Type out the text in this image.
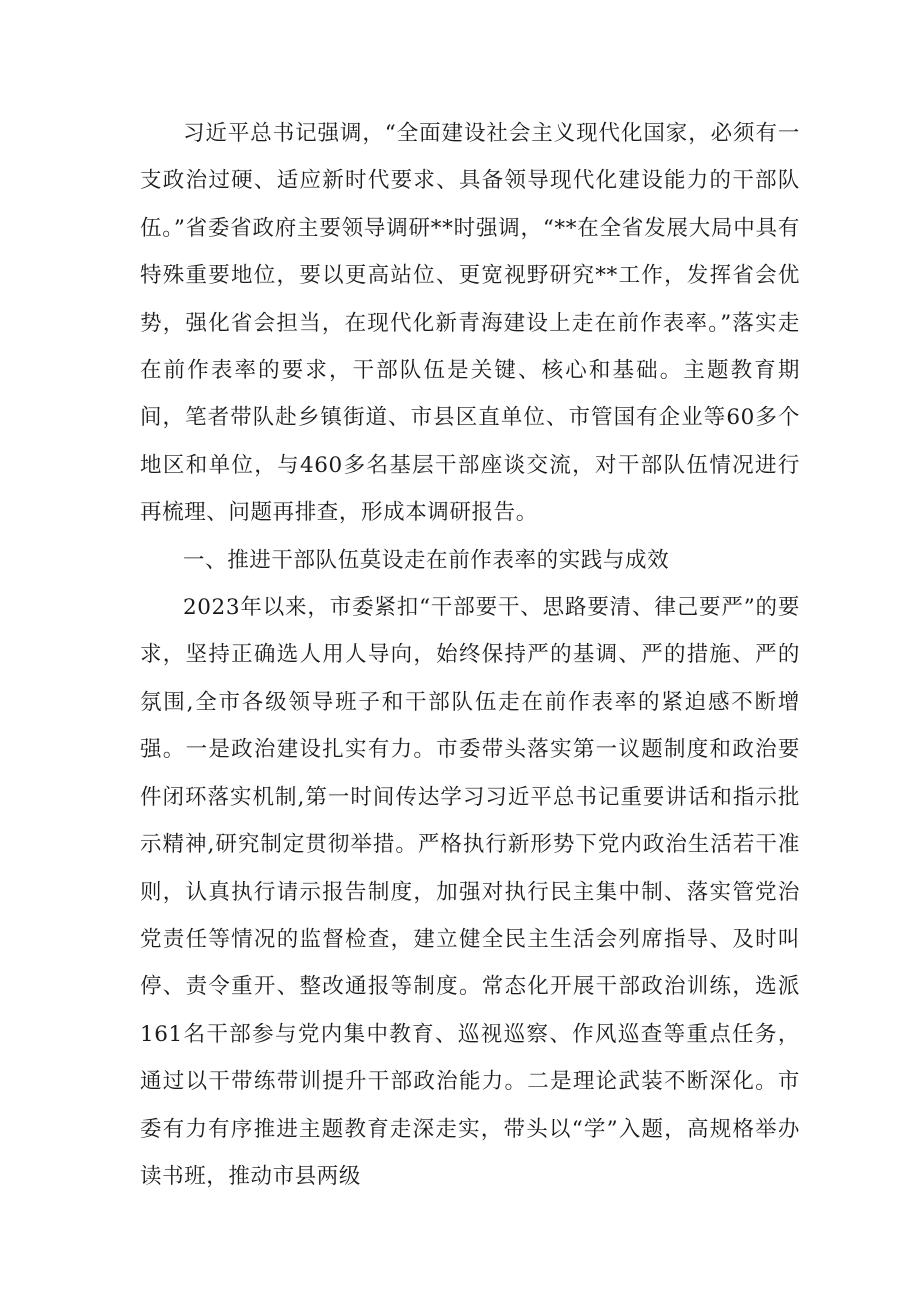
习近平总书记强调，“全面建设社会主义现代化国家，必须有一支政治过硬、适应新时代要求、具备领导现代化建设能力的干部队伍。”省委省政府主要领导调研**时强调，“**在全省发展大局中具有特殊重要地位，要以更高站位、更宽视野研究**工作，发挥省会优势，强化省会担当，在现代化新青海建设上走在前作表率。”落实走在前作表率的要求，干部队伍是关键、核心和基础。主题教育期间，笔者带队赴乡镇街道、市县区直单位、市管国有企业等60多个地区和单位，与460多名基层干部座谈交流，对干部队伍情况进行再梳理、问题再排查，形成本调研报告。

一、推进干部队伍莫设走在前作表率的实践与成效

2023年以来，市委紧扣“干部要干、思路要清、律己要严”的要求，坚持正确选人用人导向，始终保持严的基调、严的措施、严的氛围,全市各级领导班子和干部队伍走在前作表率的紧迫感不断增强。一是政治建设扎实有力。市委带头落实第一议题制度和政治要件闭环落实机制,第一时间传达学习习近平总书记重要讲话和指示批示精神,研究制定贯彻举措。严格执行新形势下党内政治生活若干准则，认真执行请示报告制度，加强对执行民主集中制、落实管党治党责任等情况的监督检查，建立健全民主生活会列席指导、及时叫停、责令重开、整改通报等制度。常态化开展干部政治训练，选派161名干部参与党内集中教育、巡视巡察、作风巡查等重点任务，通过以干带练带训提升干部政治能力。二是理论武装不断深化。市委有力有序推进主题教育走深走实，带头以“学”入题，高规格举办读书班，推动市县两级
